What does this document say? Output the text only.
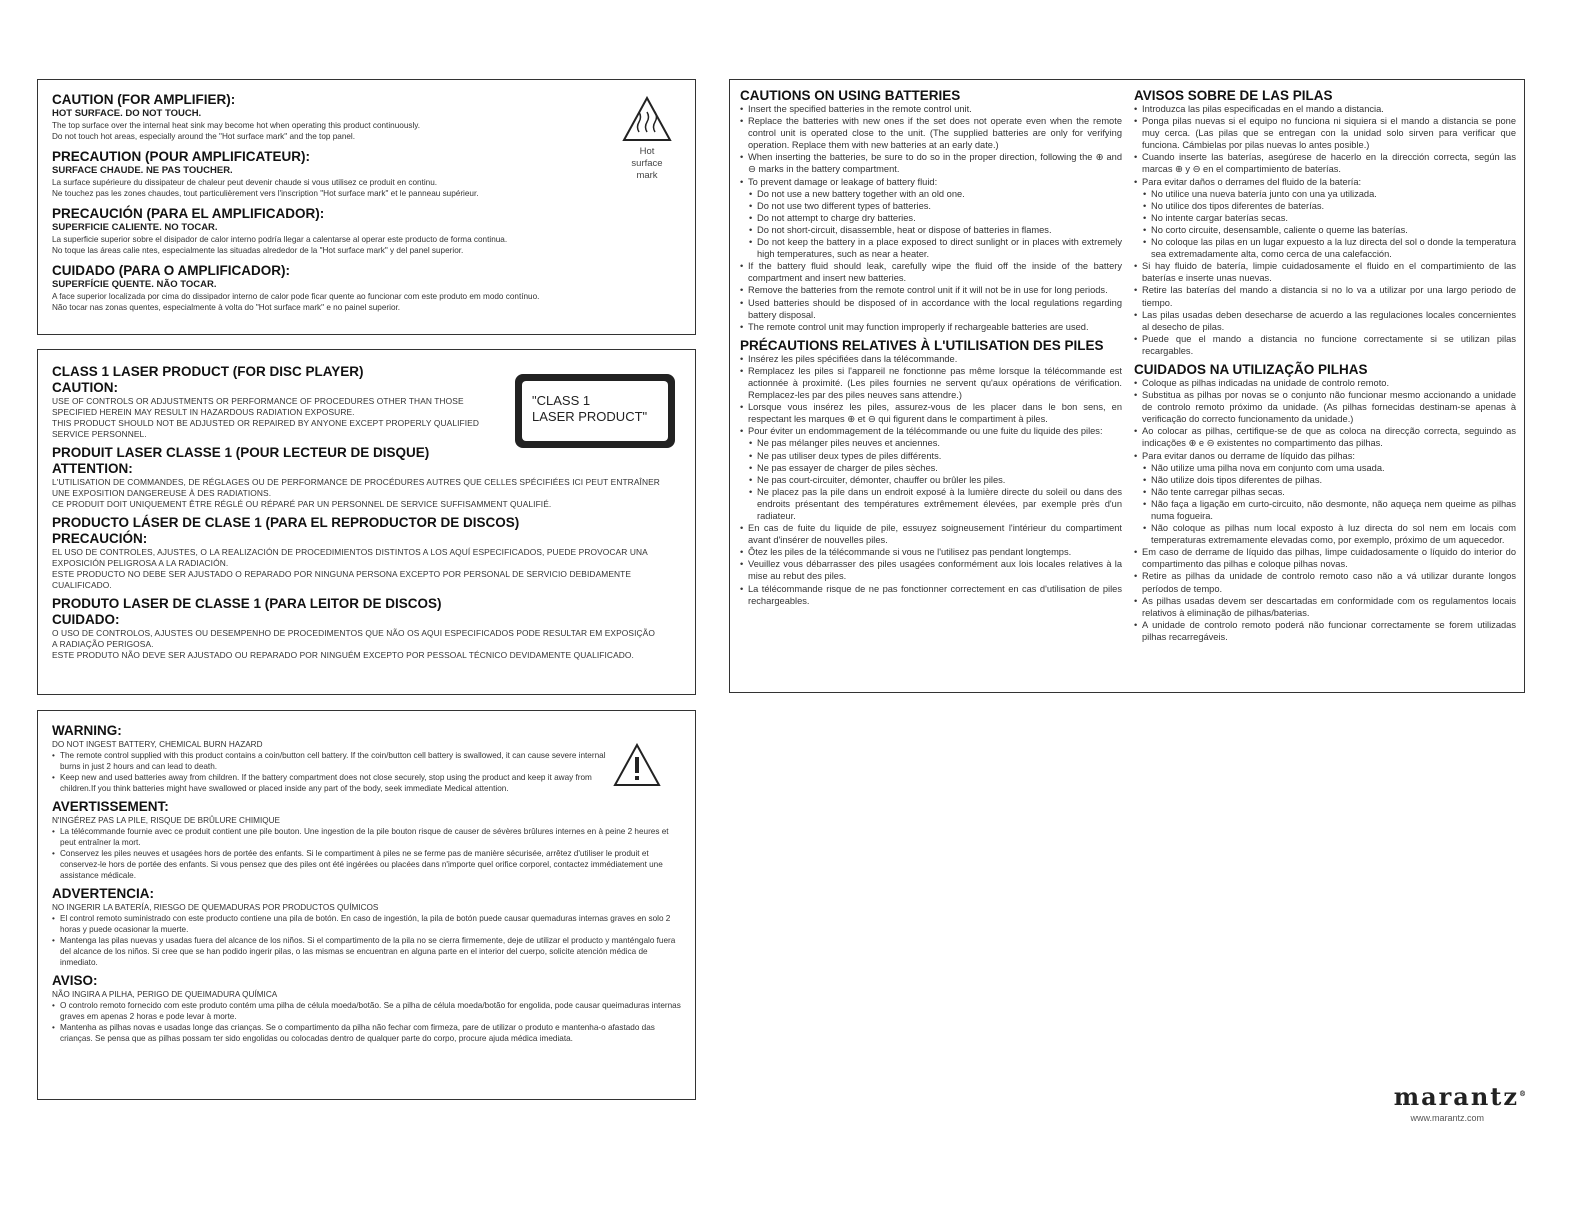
CAUTION (FOR AMPLIFIER):

HOT SURFACE. DO NOT TOUCH.

The top surface over the internal heat sink may become hot when operating this product continuously.

Do not touch hot areas, especially around the "Hot surface mark" and the top panel.

PRECAUTION (POUR AMPLIFICATEUR):

SURFACE CHAUDE. NE PAS TOUCHER.

La surface supérieure du dissipateur de chaleur peut devenir chaude si vous utilisez ce produit en continu.

Ne touchez pas les zones chaudes, tout particulièrement vers l'inscription "Hot surface mark" et le panneau supérieur.

PRECAUCIÓN (PARA EL AMPLIFICADOR):

SUPERFICIE CALIENTE. NO TOCAR.

La superficie superior sobre el disipador de calor interno podría llegar a calentarse al operar este producto de forma continua.

No toque las áreas calie ntes, especialmente las situadas alrededor de la "Hot surface mark" y del panel superior.

CUIDADO (PARA O AMPLIFICADOR):

SUPERFÍCIE QUENTE. NÃO TOCAR.

A face superior localizada por cima do dissipador interno de calor pode ficar quente ao funcionar com este produto em modo contínuo.

Não tocar nas zonas quentes, especialmente à volta do "Hot surface mark" e no painel superior.

Hot
surface
mark

CLASS 1 LASER PRODUCT (FOR DISC PLAYER)

CAUTION:

USE OF CONTROLS OR ADJUSTMENTS OR PERFORMANCE OF PROCEDURES OTHER THAN THOSE

SPECIFIED HEREIN MAY RESULT IN HAZARDOUS RADIATION EXPOSURE.

THIS PRODUCT SHOULD NOT BE ADJUSTED OR REPAIRED BY ANYONE EXCEPT PROPERLY QUALIFIED

SERVICE PERSONNEL.

PRODUIT LASER CLASSE 1 (POUR LECTEUR DE DISQUE)

ATTENTION:

L'UTILISATION DE COMMANDES, DE RÉGLAGES OU DE PERFORMANCE DE PROCÉDURES AUTRES QUE CELLES SPÉCIFIÉES ICI PEUT ENTRAÎNER

UNE EXPOSITION DANGEREUSE À DES RADIATIONS.

CE PRODUIT DOIT UNIQUEMENT ÊTRE RÉGLÉ OU RÉPARÉ PAR UN PERSONNEL DE SERVICE SUFFISAMMENT QUALIFIÉ.

PRODUCTO LÁSER DE CLASE 1 (PARA EL REPRODUCTOR DE DISCOS)

PRECAUCIÓN:

EL USO DE CONTROLES, AJUSTES, O LA REALIZACIÓN DE PROCEDIMIENTOS DISTINTOS A LOS AQUÍ ESPECIFICADOS, PUEDE PROVOCAR UNA

EXPOSICIÓN PELIGROSA A LA RADIACIÓN.

ESTE PRODUCTO NO DEBE SER AJUSTADO O REPARADO POR NINGUNA PERSONA EXCEPTO POR PERSONAL DE SERVICIO DEBIDAMENTE

CUALIFICADO.

PRODUTO LASER DE CLASSE 1 (PARA LEITOR DE DISCOS)

CUIDADO:

O USO DE CONTROLOS, AJUSTES OU DESEMPENHO DE PROCEDIMENTOS QUE NÃO OS AQUI ESPECIFICADOS PODE RESULTAR EM EXPOSIÇÃO

A RADIAÇÃO PERIGOSA.

ESTE PRODUTO NÃO DEVE SER AJUSTADO OU REPARADO POR NINGUÉM EXCEPTO POR PESSOAL TÉCNICO DEVIDAMENTE QUALIFICADO.

"CLASS 1
LASER PRODUCT"

WARNING:

DO NOT INGEST BATTERY, CHEMICAL BURN HAZARD

• The remote control supplied with this product contains a coin/button cell battery. If the coin/button cell battery is swallowed, it can cause severe internal burns in just 2 hours and can lead to death.
• Keep new and used batteries away from children. If the battery compartment does not close securely, stop using the product and keep it away from children.If you think batteries might have swallowed or placed inside any part of the body, seek immediate Medical attention.

AVERTISSEMENT:

N'INGÉREZ PAS LA PILE, RISQUE DE BRÛLURE CHIMIQUE

• La télécommande fournie avec ce produit contient une pile bouton. Une ingestion de la pile bouton risque de causer de sévères brûlures internes en à peine 2 heures et peut entraîner la mort.
• Conservez les piles neuves et usagées hors de portée des enfants. Si le compartiment à piles ne se ferme pas de manière sécurisée, arrêtez d'utiliser le produit et conservez-le hors de portée des enfants. Si vous pensez que des piles ont été ingérées ou placées dans n'importe quel orifice corporel, contactez immédiatement une assistance médicale.

ADVERTENCIA:

NO INGERIR LA BATERÍA, RIESGO DE QUEMADURAS POR PRODUCTOS QUÍMICOS

• El control remoto suministrado con este producto contiene una pila de botón. En caso de ingestión, la pila de botón puede causar quemaduras internas graves en solo 2 horas y puede ocasionar la muerte.
• Mantenga las pilas nuevas y usadas fuera del alcance de los niños. Si el compartimento de la pila no se cierra firmemente, deje de utilizar el producto y manténgalo fuera del alcance de los niños. Si cree que se han podido ingerir pilas, o las mismas se encuentran en alguna parte en el interior del cuerpo, solicite atención médica de inmediato.

AVISO:

NÃO INGIRA A PILHA, PERIGO DE QUEIMADURA QUÍMICA

• O controlo remoto fornecido com este produto contém uma pilha de célula moeda/botão. Se a pilha de célula moeda/botão for engolida, pode causar queimaduras internas graves em apenas 2 horas e pode levar à morte.
• Mantenha as pilhas novas e usadas longe das crianças. Se o compartimento da pilha não fechar com firmeza, pare de utilizar o produto e mantenha-o afastado das crianças. Se pensa que as pilhas possam ter sido engolidas ou colocadas dentro de qualquer parte do corpo, procure ajuda médica imediata.

CAUTIONS ON USING BATTERIES

• Insert the specified batteries in the remote control unit.
• Replace the batteries with new ones if the set does not operate even when the remote control unit is operated close to the unit. (The supplied batteries are only for verifying operation. Replace them with new batteries at an early date.)
• When inserting the batteries, be sure to do so in the proper direction, following the ⊕ and ⊖ marks in the battery compartment.
• To prevent damage or leakage of battery fluid:
• Do not use a new battery together with an old one.
• Do not use two different types of batteries.
• Do not attempt to charge dry batteries.
• Do not short-circuit, disassemble, heat or dispose of batteries in flames.
• Do not keep the battery in a place exposed to direct sunlight or in places with extremely high temperatures, such as near a heater.
• If the battery fluid should leak, carefully wipe the fluid off the inside of the battery compartment and insert new batteries.
• Remove the batteries from the remote control unit if it will not be in use for long periods.
• Used batteries should be disposed of in accordance with the local regulations regarding battery disposal.
• The remote control unit may function improperly if rechargeable batteries are used.

PRÉCAUTIONS RELATIVES À L'UTILISATION DES PILES

• Insérez les piles spécifiées dans la télécommande.
• Remplacez les piles si l'appareil ne fonctionne pas même lorsque la télécommande est actionnée à proximité. (Les piles fournies ne servent qu'aux opérations de vérification. Remplacez-les par des piles neuves sans attendre.)
• Lorsque vous insérez les piles, assurez-vous de les placer dans le bon sens, en respectant les marques ⊕ et ⊖ qui figurent dans le compartiment à piles.
• Pour éviter un endommagement de la télécommande ou une fuite du liquide des piles:
• Ne pas mélanger piles neuves et anciennes.
• Ne pas utiliser deux types de piles différents.
• Ne pas essayer de charger de piles sèches.
• Ne pas court-circuiter, démonter, chauffer ou brûler les piles.
• Ne placez pas la pile dans un endroit exposé à la lumière directe du soleil ou dans des endroits présentant des températures extrêmement élevées, par exemple près d'un radiateur.
• En cas de fuite du liquide de pile, essuyez soigneusement l'intérieur du compartiment avant d'insérer de nouvelles piles.
• Ôtez les piles de la télécommande si vous ne l'utilisez pas pendant longtemps.
• Veuillez vous débarrasser des piles usagées conformément aux lois locales relatives à la mise au rebut des piles.
• La télécommande risque de ne pas fonctionner correctement en cas d'utilisation de piles rechargeables.

AVISOS SOBRE DE LAS PILAS

• Introduzca las pilas especificadas en el mando a distancia.
• Ponga pilas nuevas si el equipo no funciona ni siquiera si el mando a distancia se pone muy cerca. (Las pilas que se entregan con la unidad solo sirven para verificar que funciona. Cámbielas por pilas nuevas lo antes posible.)
• Cuando inserte las baterías, asegúrese de hacerlo en la dirección correcta, según las marcas ⊕ y ⊖ en el compartimiento de baterías.
• Para evitar daños o derrames del fluido de la batería:
• No utilice una nueva batería junto con una ya utilizada.
• No utilice dos tipos diferentes de baterías.
• No intente cargar baterías secas.
• No corto circuite, desensamble, caliente o queme las baterías.
• No coloque las pilas en un lugar expuesto a la luz directa del sol o donde la temperatura sea extremadamente alta, como cerca de una calefacción.
• Si hay fluido de batería, limpie cuidadosamente el fluido en el compartimiento de las baterías e inserte unas nuevas.
• Retire las baterías del mando a distancia si no lo va a utilizar por una largo periodo de tiempo.
• Las pilas usadas deben desecharse de acuerdo a las regulaciones locales concernientes al desecho de pilas.
• Puede que el mando a distancia no funcione correctamente si se utilizan pilas recargables.

CUIDADOS NA UTILIZAÇÃO PILHAS

• Coloque as pilhas indicadas na unidade de controlo remoto.
• Substitua as pilhas por novas se o conjunto não funcionar mesmo accionando a unidade de controlo remoto próximo da unidade. (As pilhas fornecidas destinam-se apenas à verificação do correcto funcionamento da unidade.)
• Ao colocar as pilhas, certifique-se de que as coloca na direcção correcta, seguindo as indicações ⊕ e ⊖ existentes no compartimento das pilhas.
• Para evitar danos ou derrame de líquido das pilhas:
• Não utilize uma pilha nova em conjunto com uma usada.
• Não utilize dois tipos diferentes de pilhas.
• Não tente carregar pilhas secas.
• Não faça a ligação em curto-circuito, não desmonte, não aqueça nem queime as pilhas numa fogueira.
• Não coloque as pilhas num local exposto à luz directa do sol nem em locais com temperaturas extremamente elevadas como, por exemplo, próximo de um aquecedor.
• Em caso de derrame de líquido das pilhas, limpe cuidadosamente o líquido do interior do compartimento das pilhas e coloque pilhas novas.
• Retire as pilhas da unidade de controlo remoto caso não a vá utilizar durante longos períodos de tempo.
• As pilhas usadas devem ser descartadas em conformidade com os regulamentos locais relativos à eliminação de pilhas/baterias.
• A unidade de controlo remoto poderá não funcionar correctamente se forem utilizadas pilhas recarregáveis.
marantz®
www.marantz.com
